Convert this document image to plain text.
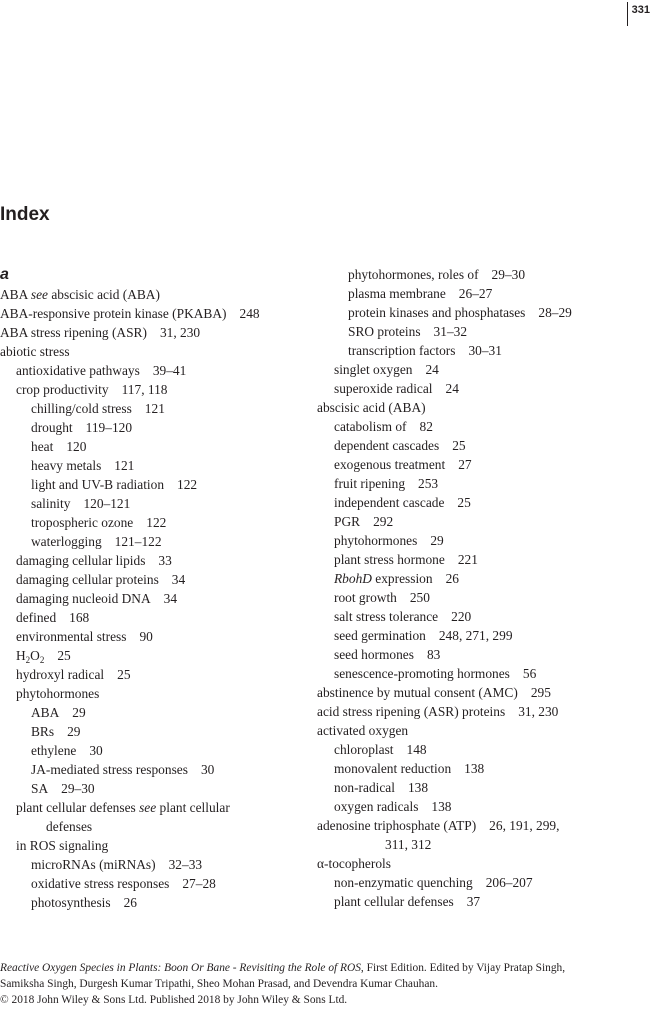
331
Index
a
ABA see abscisic acid (ABA)
ABA-responsive protein kinase (PKABA) 248
ABA stress ripening (ASR) 31, 230
abiotic stress
antioxidative pathways 39–41
crop productivity 117, 118
chilling/cold stress 121
drought 119–120
heat 120
heavy metals 121
light and UV-B radiation 122
salinity 120–121
tropospheric ozone 122
waterlogging 121–122
damaging cellular lipids 33
damaging cellular proteins 34
damaging nucleoid DNA 34
defined 168
environmental stress 90
$H_2O_2$ 25
hydroxyl radical 25
phytohormones
ABA 29
BRs 29
ethylene 30
JA-mediated stress responses 30
SA 29–30
plant cellular defenses see plant cellular
defenses
in ROS signaling
microRNAs (miRNAs) 32–33
oxidative stress responses 27–28
photosynthesis 26
phytohormones, roles of 29–30
plasma membrane 26–27
protein kinases and phosphatases 28–29
SRO proteins 31–32
transcription factors 30–31
singlet oxygen 24
superoxide radical 24
abscisic acid (ABA)
catabolism of 82
dependent cascades 25
exogenous treatment 27
fruit ripening 253
independent cascade 25
PGR 292
phytohormones 29
plant stress hormone 221
RbohD expression 26
root growth 250
salt stress tolerance 220
seed germination 248, 271, 299
seed hormones 83
senescence-promoting hormones 56
abstinence by mutual consent (AMC) 295
acid stress ripening (ASR) proteins 31, 230
activated oxygen
chloroplast 148
monovalent reduction 138
non-radical 138
oxygen radicals 138
adenosine triphosphate (ATP) 26, 191, 299,
311, 312
α-tocopherols
non-enzymatic quenching 206–207
plant cellular defenses 37

Reactive Oxygen Species in Plants: Boon Or Bane - Revisiting the Role of ROS, First Edition. Edited by Vijay Pratap Singh,

Samiksha Singh, Durgesh Kumar Tripathi, Sheo Mohan Prasad, and Devendra Kumar Chauhan.

© 2018 John Wiley & Sons Ltd. Published 2018 by John Wiley & Sons Ltd.
